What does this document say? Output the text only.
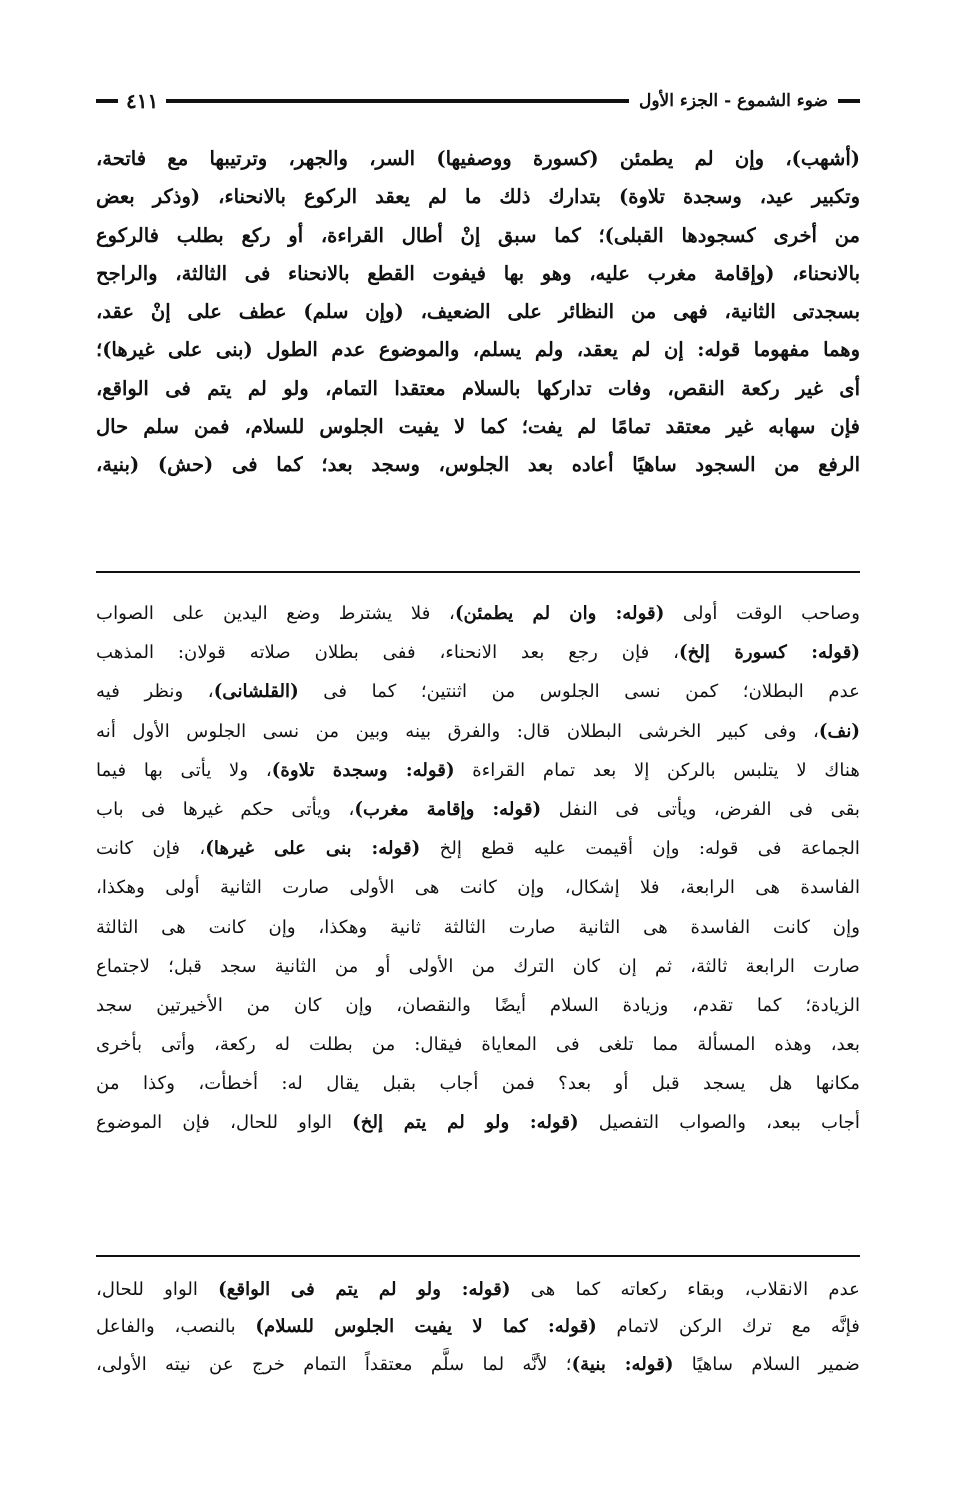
ضوء الشموع - الجزء الأول
٤١١
(أشهب)، وإن لم يطمئن (كسورة ووصفيها) السر، والجهر، وترتيبها مع فاتحة،
وتكبير عيد، وسجدة تلاوة) بتدارك ذلك ما لم يعقد الركوع بالانحناء، (وذكر بعض
من أخرى كسجودها القبلى)؛ كما سبق إنْ أطال القراءة، أو ركع بطلب فالركوع
بالانحناء، (وإقامة مغرب عليه، وهو بها فيفوت القطع بالانحناء فى الثالثة، والراجح
بسجدتى الثانية، فهى من النظائر على الضعيف، (وإن سلم) عطف على إنْ عقد،
وهما مفهوما قوله: إن لم يعقد، ولم يسلم، والموضوع عدم الطول (بنى على غيرها)؛
أى غير ركعة النقص، وفات تداركها بالسلام معتقدا التمام، ولو لم يتم فى الواقع،
فإن سهابه غير معتقد تمامًا لم يفت؛ كما لا يفيت الجلوس للسلام، فمن سلم حال
الرفع من السجود ساهيًا أعاده بعد الجلوس، وسجد بعد؛ كما فى (حش) (بنية،
وصاحب الوقت أولى (قوله: وان لم يطمئن)، فلا يشترط وضع اليدين على الصواب
(قوله: كسورة إلخ)، فإن رجع بعد الانحناء، ففى بطلان صلاته قولان: المذهب
عدم البطلان؛ كمن نسى الجلوس من اثنتين؛ كما فى (القلشانى)، ونظر فيه
(نف)، وفى كبير الخرشى البطلان قال: والفرق بينه وبين من نسى الجلوس الأول أنه
هناك لا يتلبس بالركن إلا بعد تمام القراءة (قوله: وسجدة تلاوة)، ولا يأتى بها فيما
بقى فى الفرض، ويأتى فى النفل (قوله: وإقامة مغرب)، ويأتى حكم غيرها فى باب
الجماعة فى قوله: وإن أقيمت عليه قطع إلخ (قوله: بنى على غيرها)، فإن كانت
الفاسدة هى الرابعة، فلا إشكال، وإن كانت هى الأولى صارت الثانية أولى وهكذا،
وإن كانت الفاسدة هى الثانية صارت الثالثة ثانية وهكذا، وإن كانت هى الثالثة
صارت الرابعة ثالثة، ثم إن كان الترك من الأولى أو من الثانية سجد قبل؛ لاجتماع
الزيادة؛ كما تقدم، وزيادة السلام أيضًا والنقصان، وإن كان من الأخيرتين سجد
بعد، وهذه المسألة مما تلغى فى المعاياة فيقال: من بطلت له ركعة، وأتى بأخرى
مكانها هل يسجد قبل أو بعد؟ فمن أجاب بقبل يقال له: أخطأت، وكذا من
أجاب ببعد، والصواب التفصيل (قوله: ولو لم يتم إلخ) الواو للحال، فإن الموضوع
عدم الانقلاب، وبقاء ركعاته كما هى (قوله: ولو لم يتم فى الواقع) الواو للحال،
فإنَّه مع ترك الركن لاتمام (قوله: كما لا يفيت الجلوس للسلام) بالنصب، والفاعل
ضمير السلام ساهيًا (قوله: بنية)؛ لأنَّه لما سلَّم معتقداً التمام خرج عن نيته الأولى،
